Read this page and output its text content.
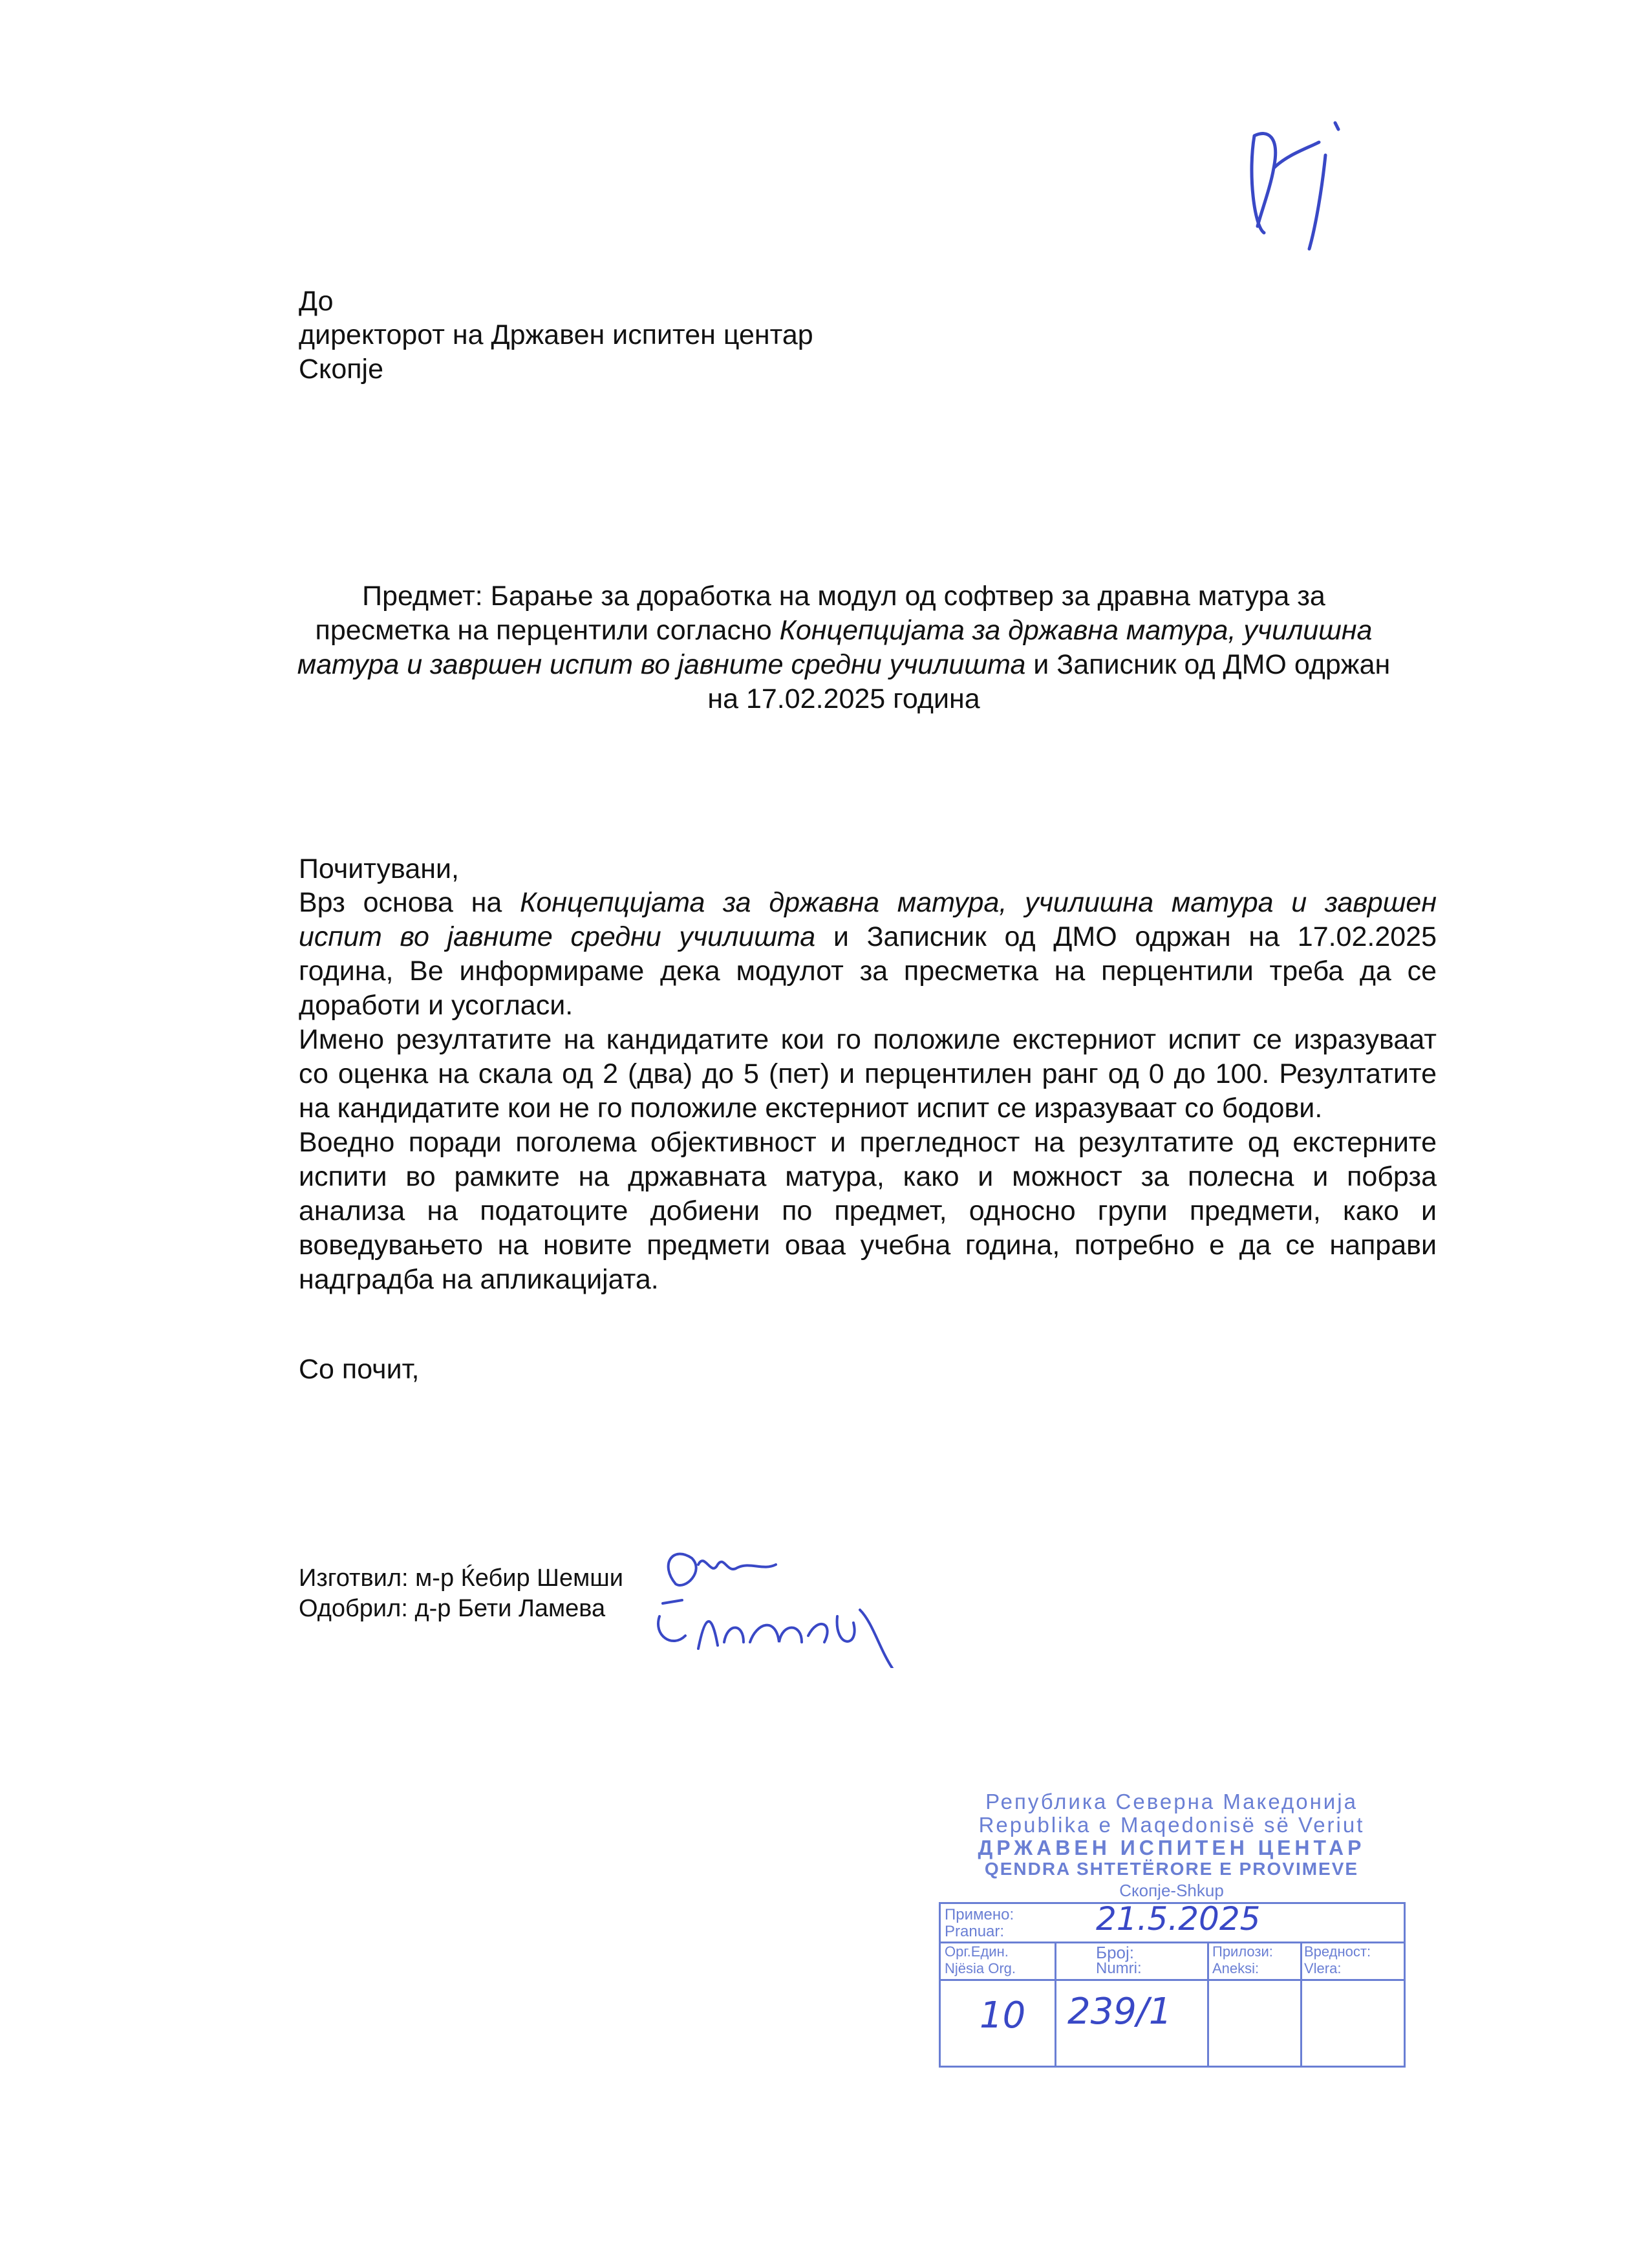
До
директорот на Државен испитен центар
Скопје
Предмет: Барање за доработка на модул од софтвер за дравна матура за
пресметка на перцентили согласно Концепцијата за државна матура, училишна
матура и завршен испит во јавните средни училишта и Записник од ДМО одржан
на 17.02.2025 година
Почитувани,
Врз основа на Концепцијата за државна матура, училишна матура и завршен
испит во јавните средни училишта и Записник од ДМО одржан на 17.02.2025
година, Ве информираме дека модулот за пресметка на перцентили треба да се
доработи и усогласи.
Имено резултатите на кандидатите кои го положиле екстерниот испит се изразуваат
со оценка на скала од 2 (два) до 5 (пет) и перцентилен ранг од 0 до 100. Резултатите
на кандидатите кои не го положиле екстерниот испит се изразуваат со бодови.
Воедно поради поголема објективност и прегледност на резултатите од екстерните
испити во рамките на државната матура, како и можност за полесна и побрза
анализа на податоците добиени по предмет, односно групи предмети, како и
воведувањето на новите предмети оваа учебна година, потребно е да се направи
надградба на апликацијата.
Со почит,
Изготвил: м-р Ќебир Шемши
Одобрил: д-р Бети Ламева
Република Северна Македонија
Republika e Maqedonisë së Veriut
ДРЖАВЕН ИСПИТЕН ЦЕНТАР
QENDRA SHTETËRORE E PROVIMEVE
Скопје-Shkup
Примено:
Pranuar:	21.5.2025
Орг.Един.
Njësia Org.
Број:
Numri:
Прилози:
Aneksi:
Вредност:
Vlera:
10 239/1
